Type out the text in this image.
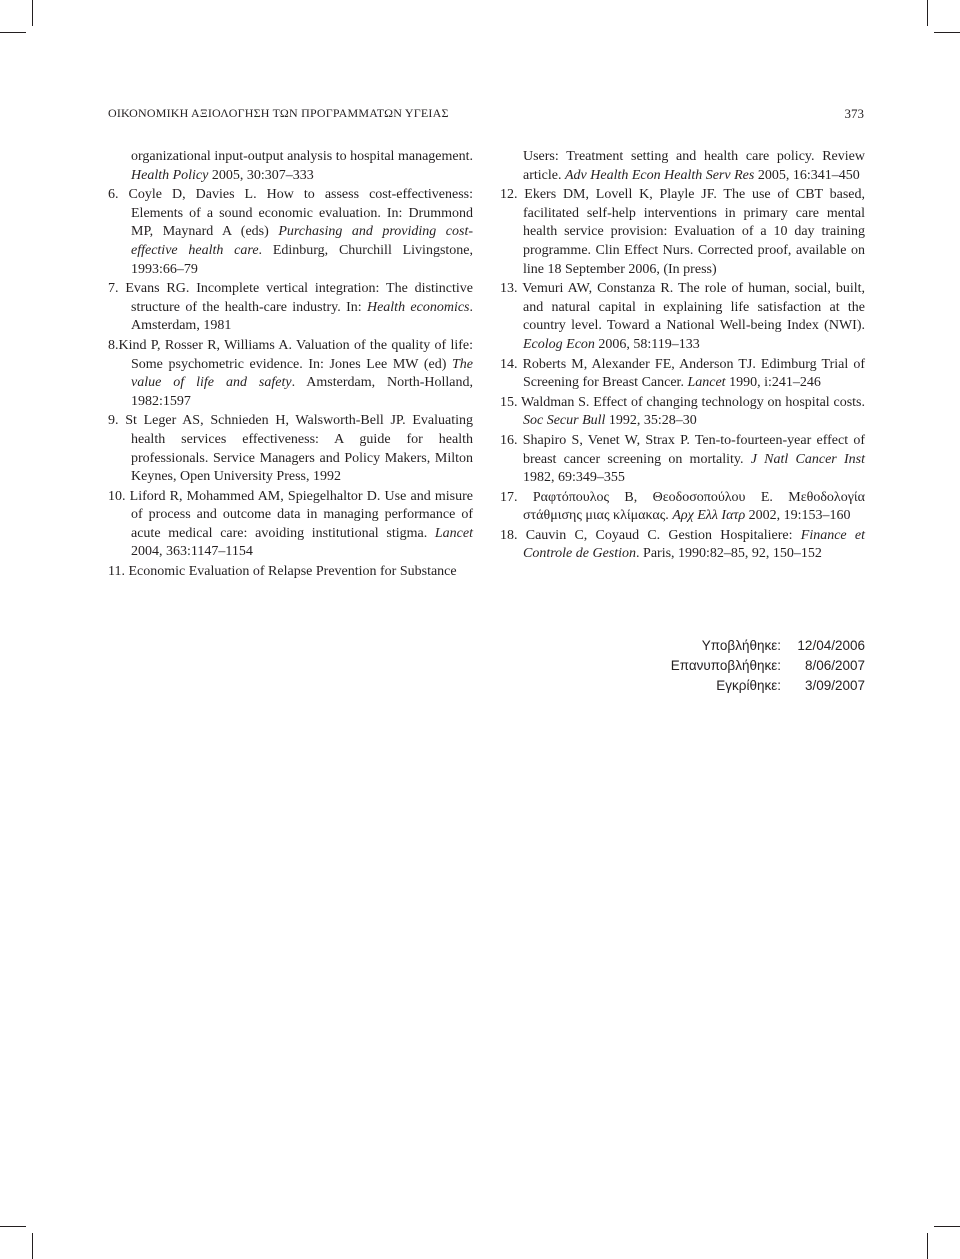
ΟΙΚΟΝΟΜΙΚΗ ΑΞΙΟΛΟΓΗΣΗ ΤΩΝ ΠΡΟΓΡΑΜΜΑΤΩΝ ΥΓΕΙΑΣ	373

organizational input-output analysis to hospital management. Health Policy 2005, 30:307–333

6. Coyle D, Davies L. How to assess cost-effectiveness: Elements of a sound economic evaluation. In: Drummond MP, Maynard A (eds) Purchasing and providing cost-effective health care. Edinburg, Churchill Livingstone, 1993:66–79

7. Evans RG. Incomplete vertical integration: The distinctive structure of the health-care industry. In: Health economics. Amsterdam, 1981

8.Kind P, Rosser R, Williams A. Valuation of the quality of life: Some psychometric evidence. In: Jones Lee MW (ed) The value of life and safety. Amsterdam, North-Holland, 1982:1597

9. St Leger AS, Schnieden H, Walsworth-Bell JP. Evaluating health services effectiveness: A guide for health professionals. Service Managers and Policy Makers, Milton Keynes, Open University Press, 1992

10. Liford R, Mohammed AM, Spiegelhaltor D. Use and misure of process and outcome data in managing performance of acute medical care: avoiding institutional stigma. Lancet 2004, 363:1147–1154

11. Economic Evaluation of Relapse Prevention for Substance

Users: Treatment setting and health care policy. Review article. Adv Health Econ Health Serv Res 2005, 16:341–450

12. Ekers DM, Lovell K, Playle JF. The use of CBT based, facilitated self-help interventions in primary care mental health service provision: Evaluation of a 10 day training programme. Clin Effect Nurs. Corrected proof, available on line 18 September 2006, (In press)

13. Vemuri AW, Constanza R. The role of human, social, built, and natural capital in explaining life satisfaction at the country level. Toward a National Well-being Index (NWI). Ecolog Econ 2006, 58:119–133

14. Roberts M, Alexander FE, Anderson TJ. Edimburg Trial of Screening for Breast Cancer. Lancet 1990, i:241–246

15. Waldman S. Effect of changing technology on hospital costs. Soc Secur Bull 1992, 35:28–30

16. Shapiro S, Venet W, Strax P. Ten-to-fourteen-year effect of breast cancer screening on mortality. J Natl Cancer Inst 1982, 69:349–355

17. Ραφτόπουλος Β, Θεοδοσοπούλου Ε. Μεθοδολογία στάθμισης μιας κλίμακας. Αρχ Ελλ Ιατρ 2002, 19:153–160

18. Cauvin C, Coyaud C. Gestion Hospitaliere: Finance et Controle de Gestion. Paris, 1990:82–85, 92, 150–152

Υποβλήθηκε:	12/04/2006
Επανυποβλήθηκε:	8/06/2007
Εγκρίθηκε:	3/09/2007
